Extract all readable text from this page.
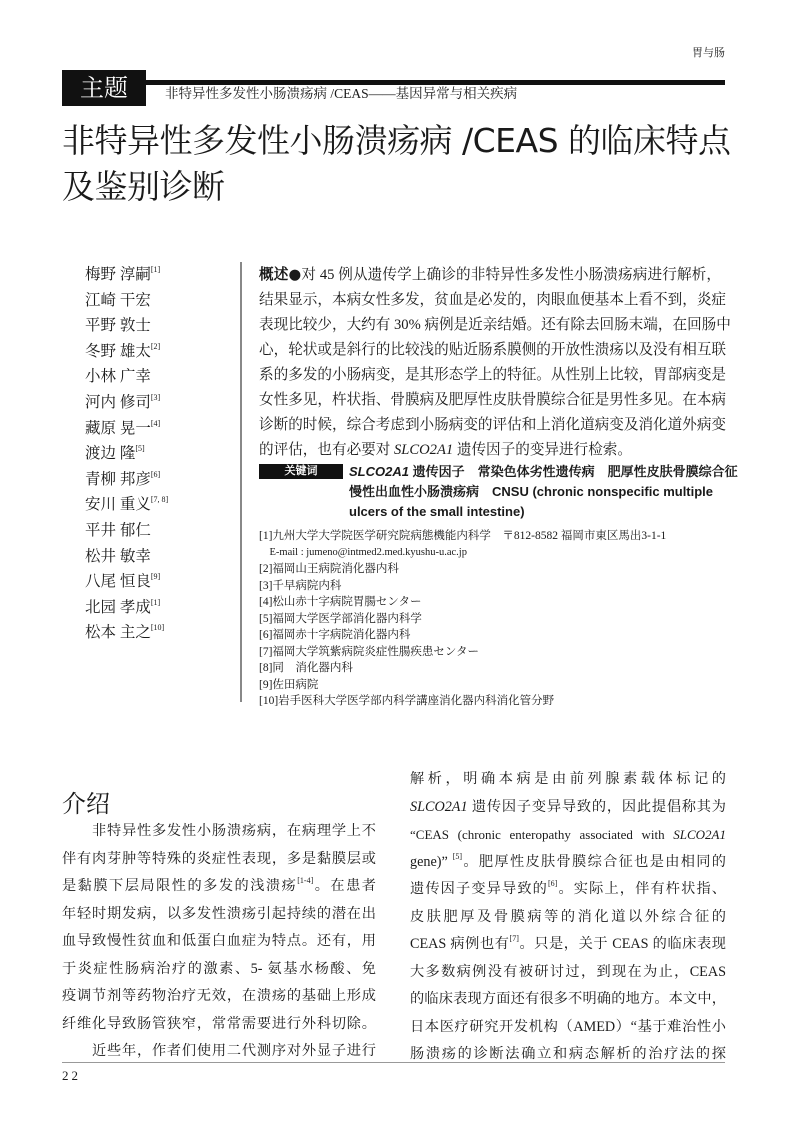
胃与肠
主题	非特异性多发性小肠溃疡病 /CEAS——基因异常与相关疾病
非特异性多发性小肠溃疡病 /CEAS 的临床特点
及鉴别诊断
梅野 淳嗣[1]
江崎 干宏
平野 敦士
冬野 雄太[2]
小林 广幸
河内 修司[3]
藏原 晃一[4]
渡边 隆[5]
青柳 邦彦[6]
安川 重义[7, 8]
平井 郁仁
松井 敏幸
八尾 恒良[9]
北园 孝成[1]
松本 主之[10]
概述●对 45 例从遗传学上确诊的非特异性多发性小肠溃疡病进行解析，
结果显示，本病女性多发，贫血是必发的，肉眼血便基本上看不到，炎症
表现比较少，大约有 30% 病例是近亲结婚。还有除去回肠末端，在回肠中
心，轮状或是斜行的比较浅的贴近肠系膜侧的开放性溃疡以及没有相互联
系的多发的小肠病变，是其形态学上的特征。从性别上比较，胃部病变是
女性多见，杵状指、骨膜病及肥厚性皮肤骨膜综合征是男性多见。在本病
诊断的时候，综合考虑到小肠病变的评估和上消化道病变及消化道外病变
的评估，也有必要对 SLCO2A1 遗传因子的变异进行检索。
关键词	SLCO2A1 遗传因子　常染色体劣性遗传病　肥厚性皮肤骨膜综合征
慢性出血性小肠溃疡病　CNSU (chronic nonspecific multiple
ulcers of the small intestine)
[1]九州大学大学院医学研究院病態機能内科学　〒812-8582 福岡市東区馬出3-1-1
　E-mail : jumeno@intmed2.med.kyushu-u.ac.jp
[2]福岡山王病院消化器内科
[3]千早病院内科
[4]松山赤十字病院胃腸センター
[5]福岡大学医学部消化器内科学
[6]福岡赤十字病院消化器内科
[7]福岡大学筑紫病院炎症性腸疾患センター
[8]同　消化器内科
[9]佐田病院
[10]岩手医科大学医学部内科学講座消化器内科消化管分野
介绍
　　非特异性多发性小肠溃疡病，在病理学上不
伴有肉芽肿等特殊的炎症性表现，多是黏膜层或
是黏膜下层局限性的多发的浅溃疡[1-4]。在患者
年轻时期发病，以多发性溃疡引起持续的潜在出
血导致慢性贫血和低蛋白血症为特点。还有，用
于炎症性肠病治疗的激素、5- 氨基水杨酸、免
疫调节剂等药物治疗无效，在溃疡的基础上形成
纤维化导致肠管狭窄，常常需要进行外科切除。
　　近些年，作者们使用二代测序对外显子进行
解析，明确本病是由前列腺素载体标记的
SLCO2A1 遗传因子变异导致的，因此提倡称其为
“CEAS (chronic enteropathy associated with SLCO2A1
gene)” [5]。肥厚性皮肤骨膜综合征也是由相同的
遗传因子变异导致的[6]。实际上，伴有杵状指、
皮肤肥厚及骨膜病等的消化道以外综合征的
CEAS 病例也有[7]。只是，关于 CEAS 的临床表现
大多数病例没有被研讨过，到现在为止，CEAS
的临床表现方面还有很多不明确的地方。本文中，
日本医疗研究开发机构（AMED）“基于难治性小
肠溃疡的诊断法确立和病态解析的治疗法的探
22
